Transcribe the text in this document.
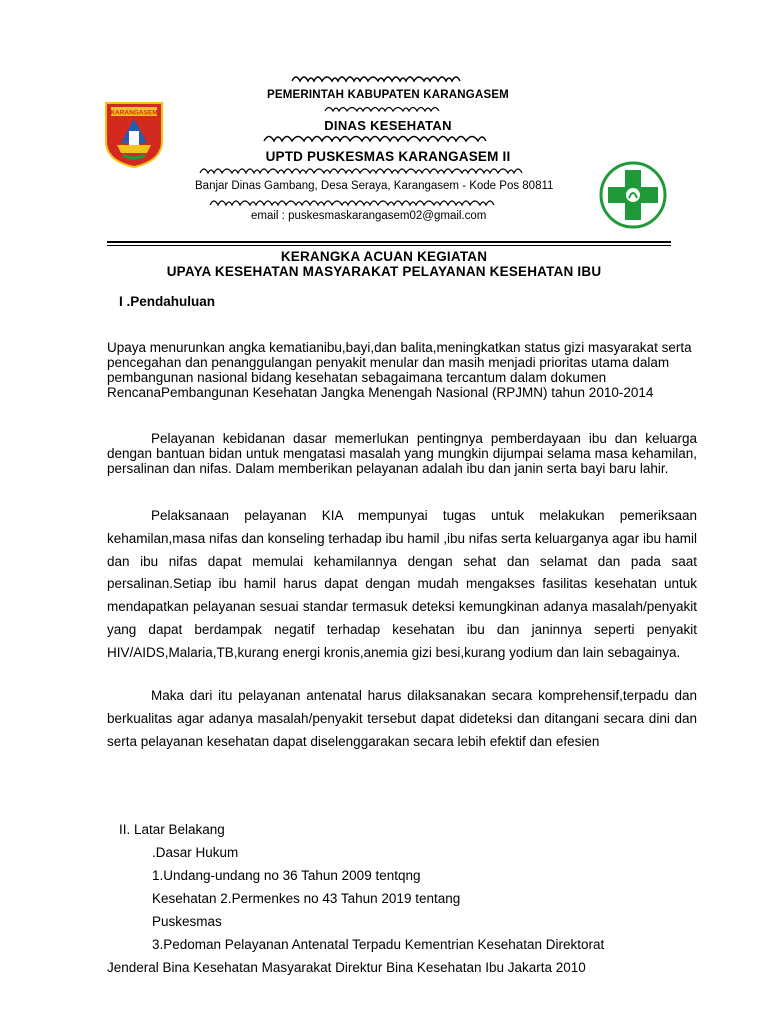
KARANGASEM
PEMERINTAH KABUPATEN KARANGASEM
DINAS KESEHATAN
UPTD PUSKESMAS KARANGASEM II
Banjar Dinas Gambang, Desa Seraya, Karangasem - Kode Pos 80811
email : puskesmaskarangasem02@gmail.com
KERANGKA ACUAN KEGIATAN
UPAYA KESEHATAN MASYARAKAT PELAYANAN KESEHATAN IBU
I .Pendahuluan
Upaya menurunkan angka kematianibu,bayi,dan balita,meningkatkan status gizi masyarakat serta pencegahan dan penanggulangan penyakit menular dan masih menjadi prioritas utama dalam pembangunan nasional bidang kesehatan sebagaimana tercantum dalam dokumen RencanaPembangunan Kesehatan Jangka Menengah Nasional (RPJMN) tahun 2010-2014
Pelayanan kebidanan dasar memerlukan pentingnya pemberdayaan ibu dan keluarga dengan bantuan bidan untuk mengatasi masalah yang mungkin dijumpai selama masa kehamilan, persalinan dan nifas. Dalam memberikan pelayanan adalah ibu dan janin serta bayi baru lahir.
Pelaksanaan pelayanan KIA mempunyai tugas untuk melakukan pemeriksaan kehamilan,masa nifas dan konseling terhadap ibu hamil ,ibu nifas serta keluarganya agar ibu hamil dan ibu nifas dapat memulai kehamilannya dengan sehat dan selamat dan pada saat persalinan.Setiap ibu hamil harus dapat dengan mudah mengakses fasilitas kesehatan untuk mendapatkan pelayanan sesuai standar termasuk deteksi kemungkinan adanya masalah/penyakit yang dapat berdampak negatif terhadap kesehatan ibu dan janinnya seperti penyakit HIV/AIDS,Malaria,TB,kurang energi kronis,anemia gizi besi,kurang yodium dan lain sebagainya.
Maka dari itu pelayanan antenatal harus dilaksanakan secara komprehensif,terpadu dan berkualitas agar adanya masalah/penyakit tersebut dapat dideteksi dan ditangani secara dini dan serta pelayanan kesehatan dapat diselenggarakan secara lebih efektif dan efesien
II. Latar Belakang
.Dasar Hukum
1.Undang-undang no 36 Tahun 2009 tentqng
Kesehatan 2.Permenkes no 43 Tahun 2019 tentang
Puskesmas
3.Pedoman Pelayanan Antenatal Terpadu Kementrian Kesehatan Direktorat
Jenderal Bina Kesehatan Masyarakat Direktur Bina Kesehatan Ibu Jakarta 2010
